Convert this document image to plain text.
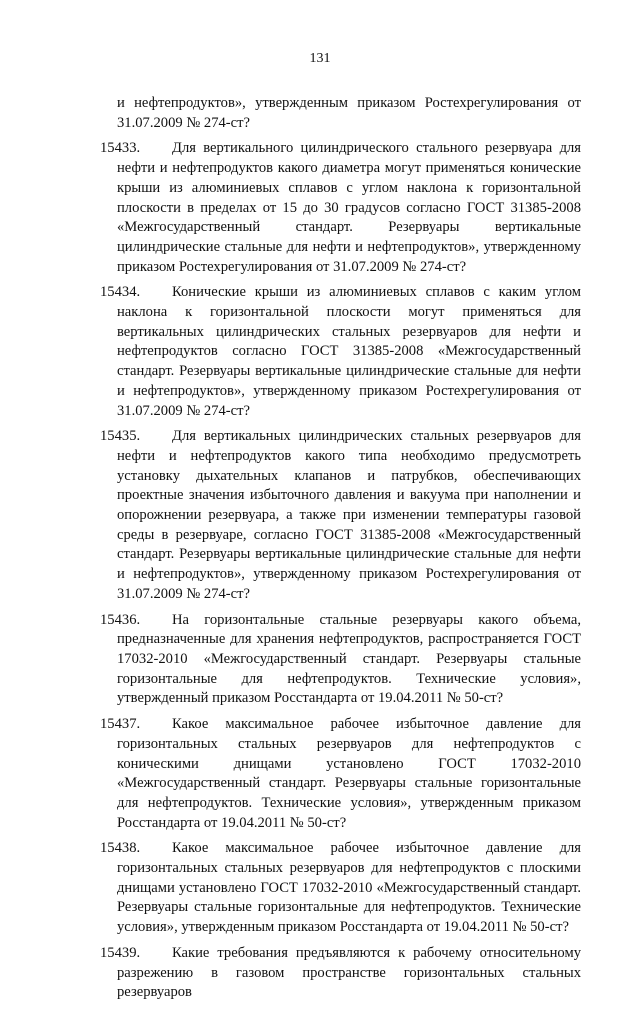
131

и нефтепродуктов», утвержденным приказом Ростехрегулирования от 31.07.2009 № 274-ст?

15433.	Для вертикального цилиндрического стального резервуара для нефти и нефтепродуктов какого диаметра могут применяться конические крыши из алюминиевых сплавов с углом наклона к горизонтальной плоскости в пределах от 15 до 30 градусов согласно ГОСТ 31385-2008 «Межгосударственный стандарт. Резервуары вертикальные цилиндрические стальные для нефти и нефтепродуктов», утвержденному приказом Ростехрегулирования от 31.07.2009 № 274-ст?
15434.	Конические крыши из алюминиевых сплавов с каким углом наклона к горизонтальной плоскости могут применяться для вертикальных цилиндрических стальных резервуаров для нефти и нефтепродуктов согласно ГОСТ 31385-2008 «Межгосударственный стандарт. Резервуары вертикальные цилиндрические стальные для нефти и нефтепродуктов», утвержденному приказом Ростехрегулирования от 31.07.2009 № 274-ст?
15435.	Для вертикальных цилиндрических стальных резервуаров для нефти и нефтепродуктов какого типа необходимо предусмотреть установку дыхательных клапанов и патрубков, обеспечивающих проектные значения избыточного давления и вакуума при наполнении и опорожнении резервуара, а также при изменении температуры газовой среды в резервуаре, согласно ГОСТ 31385-2008 «Межгосударственный стандарт. Резервуары вертикальные цилиндрические стальные для нефти и нефтепродуктов», утвержденному приказом Ростехрегулирования от 31.07.2009 № 274-ст?
15436.	На горизонтальные стальные резервуары какого объема, предназначенные для хранения нефтепродуктов, распространяется ГОСТ 17032-2010 «Межгосударственный стандарт. Резервуары стальные горизонтальные для нефтепродуктов. Технические условия», утвержденный приказом Росстандарта от 19.04.2011 № 50-ст?
15437.	Какое максимальное рабочее избыточное давление для горизонтальных стальных резервуаров для нефтепродуктов с коническими днищами установлено ГОСТ 17032-2010 «Межгосударственный стандарт. Резервуары стальные горизонтальные для нефтепродуктов. Технические условия», утвержденным приказом Росстандарта от 19.04.2011 № 50-ст?
15438.	Какое максимальное рабочее избыточное давление для горизонтальных стальных резервуаров для нефтепродуктов с плоскими днищами установлено ГОСТ 17032-2010 «Межгосударственный стандарт. Резервуары стальные горизонтальные для нефтепродуктов. Технические условия», утвержденным приказом Росстандарта от 19.04.2011 № 50-ст?
15439.	Какие требования предъявляются к рабочему относительному разрежению в газовом пространстве горизонтальных стальных резервуаров
